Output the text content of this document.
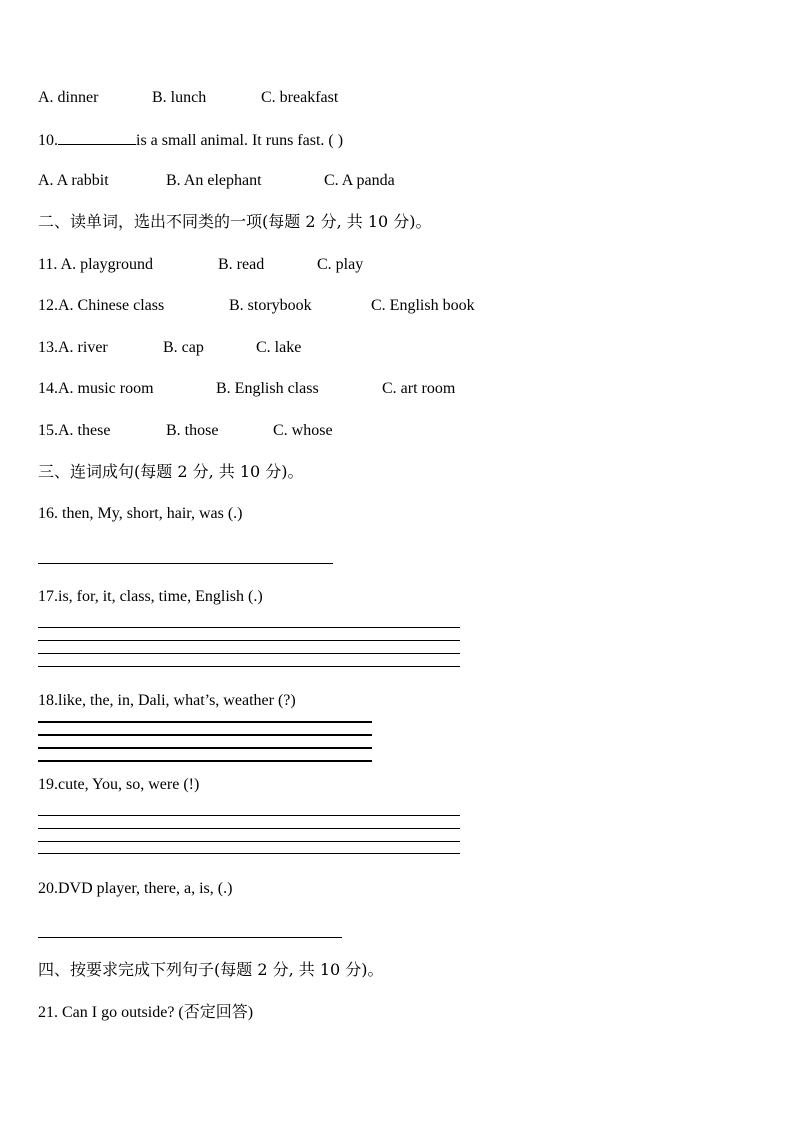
A. dinner	B. lunch	C. breakfast
10.	is a small animal. It runs fast. ( )
A. A rabbit	B. An elephant	C. A panda
二、读单词，选出不同类的一项(每题 2 分, 共 10 分)。
11. A. playground	B. read	C. play
12.A. Chinese class	B. storybook	C. English book
13.A. river	B. cap	C. lake
14.A. music room	B. English class	C. art room
15.A. these	B. those	C. whose
三、连词成句(每题 2 分, 共 10 分)。
16. then, My, short, hair, was (.)
17.is, for, it, class, time, English (.)
18.like, the, in, Dali, what’s, weather (?)
19.cute, You, so, were (!)
20.DVD player, there, a, is, (.)
四、按要求完成下列句子(每题 2 分, 共 10 分)。
21. Can I go outside? (否定回答)
